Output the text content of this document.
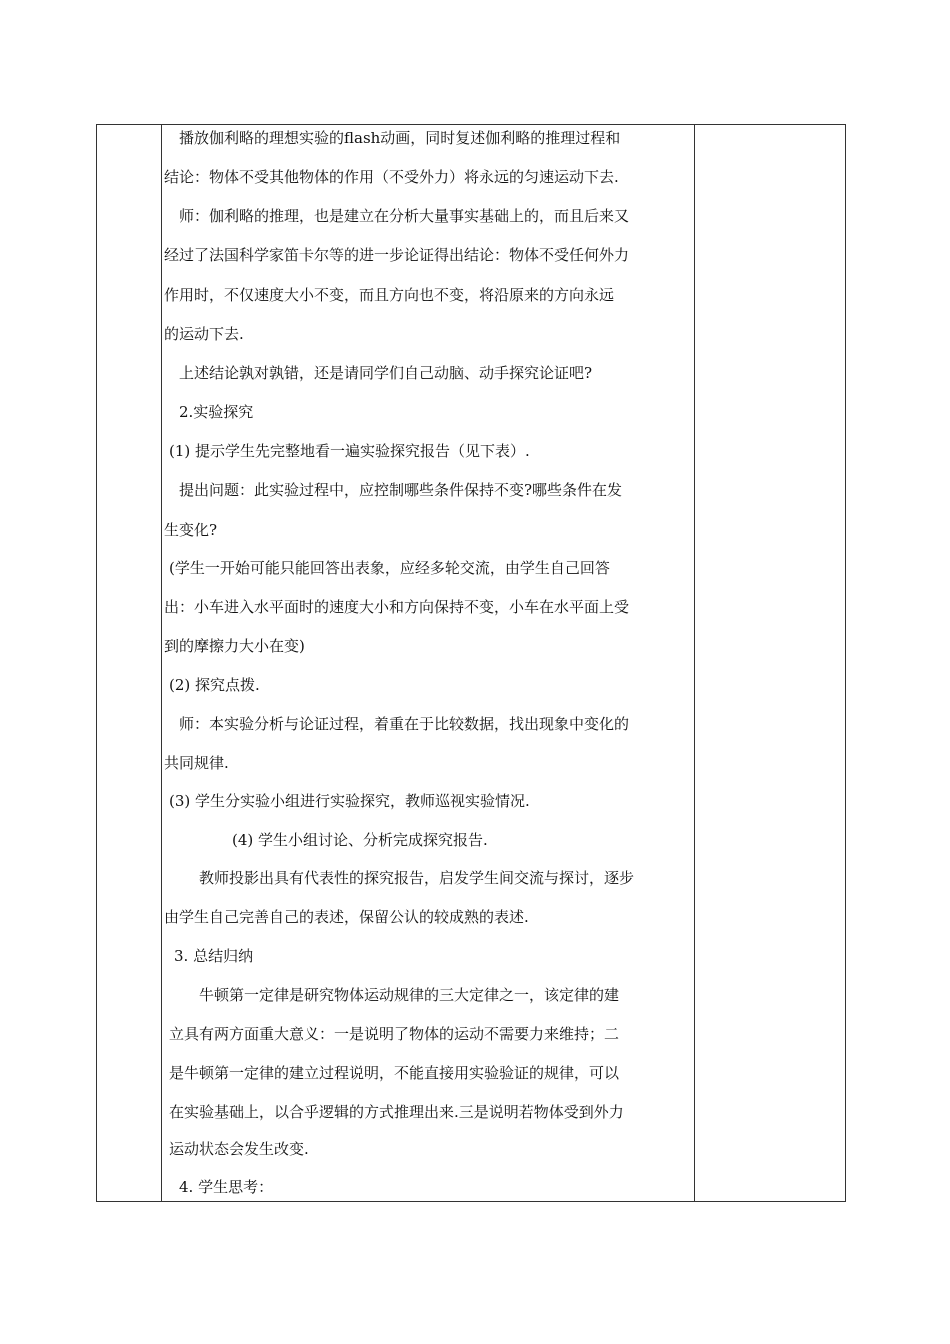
播放伽利略的理想实验的flash动画，同时复述伽利略的推理过程和
结论：物体不受其他物体的作用（不受外力）将永远的匀速运动下去.
师：伽利略的推理，也是建立在分析大量事实基础上的，而且后来又
经过了法国科学家笛卡尔等的进一步论证得出结论：物体不受任何外力
作用时，不仅速度大小不变，而且方向也不变，将沿原来的方向永远
的运动下去.
上述结论孰对孰错，还是请同学们自己动脑、动手探究论证吧?
2.实验探究
(1) 提示学生先完整地看一遍实验探究报告（见下表）.
提出问题：此实验过程中，应控制哪些条件保持不变?哪些条件在发
生变化?
(学生一开始可能只能回答出表象，应经多轮交流，由学生自己回答
出：小车进入水平面时的速度大小和方向保持不变，小车在水平面上受
到的摩擦力大小在变)
(2) 探究点拨.
师：本实验分析与论证过程，着重在于比较数据，找出现象中变化的
共同规律.
(3) 学生分实验小组进行实验探究，教师巡视实验情况.
(4) 学生小组讨论、分析完成探究报告.
教师投影出具有代表性的探究报告，启发学生间交流与探讨，逐步
由学生自己完善自己的表述，保留公认的较成熟的表述.
3. 总结归纳
牛顿第一定律是研究物体运动规律的三大定律之一，该定律的建
立具有两方面重大意义：一是说明了物体的运动不需要力来维持；二
是牛顿第一定律的建立过程说明，不能直接用实验验证的规律，可以
在实验基础上，以合乎逻辑的方式推理出来.三是说明若物体受到外力
运动状态会发生改变.
4. 学生思考：
